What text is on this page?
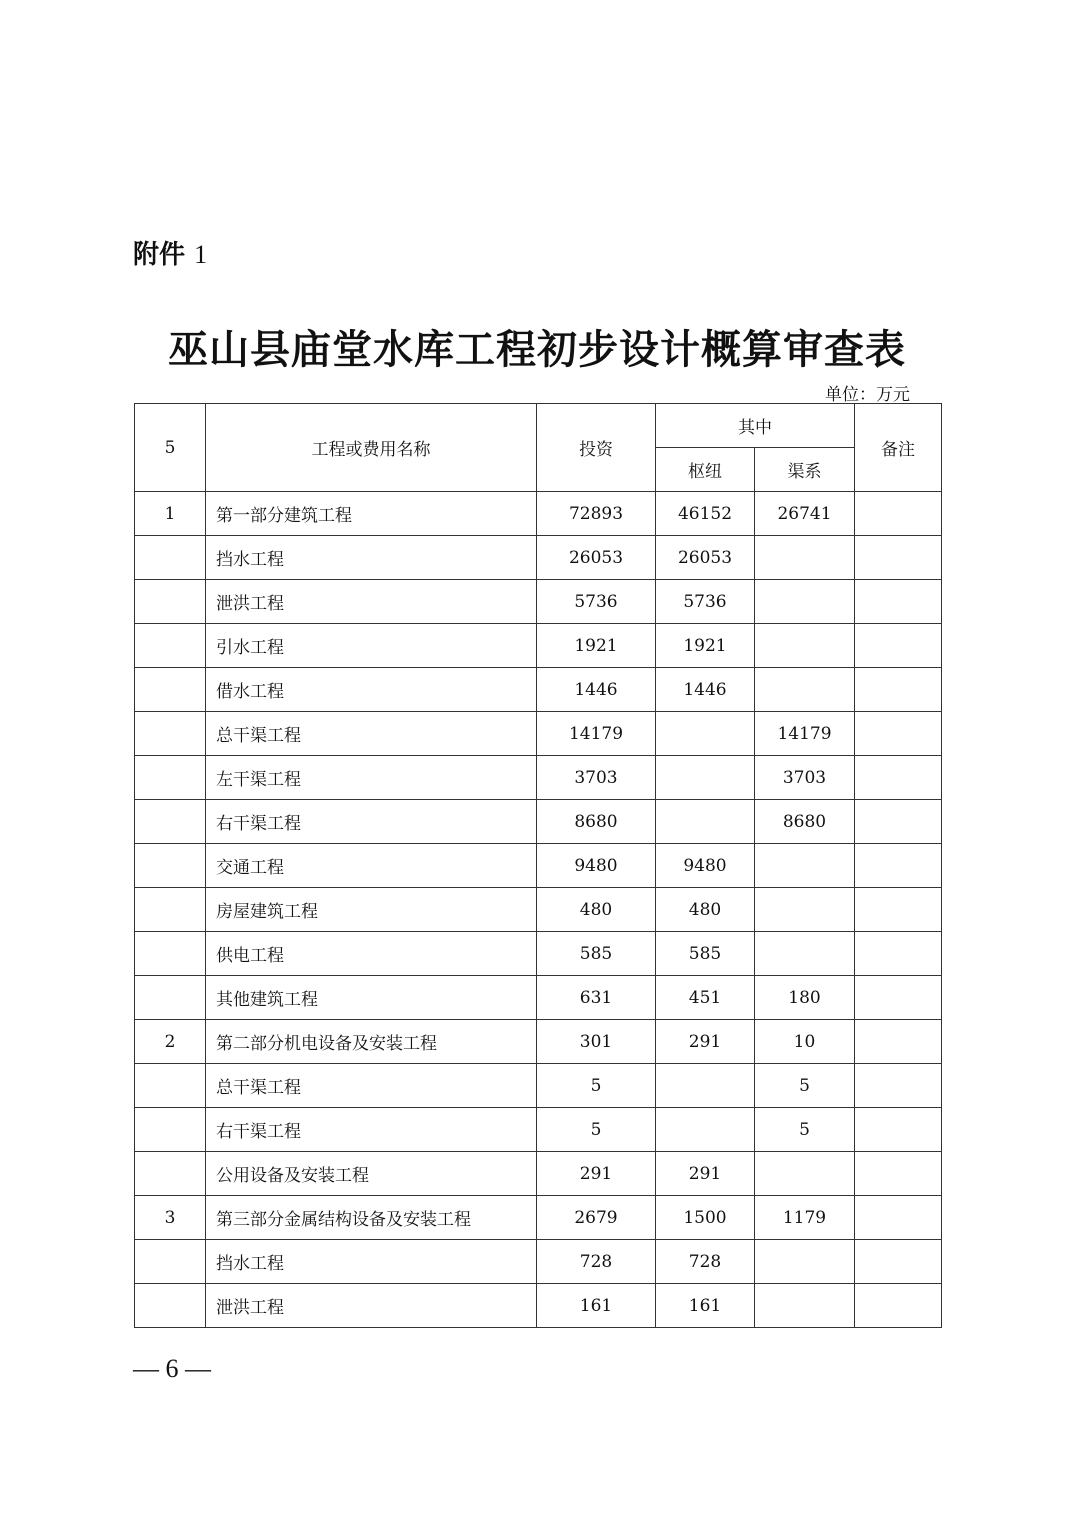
附件 1
巫山县庙堂水库工程初步设计概算审查表
单位：万元
5	工程或费用名称	投资	其中		备注
			枢纽	渠系	
1	第一部分建筑工程	72893	46152	26741	
	挡水工程	26053	26053		
	泄洪工程	5736	5736		
	引水工程	1921	1921		
	借水工程	1446	1446		
	总干渠工程	14179		14179	
	左干渠工程	3703		3703	
	右干渠工程	8680		8680	
	交通工程	9480	9480		
	房屋建筑工程	480	480		
	供电工程	585	585		
	其他建筑工程	631	451	180	
2	第二部分机电设备及安装工程	301	291	10	
	总干渠工程	5		5	
	右干渠工程	5		5	
	公用设备及安装工程	291	291		
3	第三部分金属结构设备及安装工程	2679	1500	1179	
	挡水工程	728	728		
	泄洪工程	161	161		
— 6 —
